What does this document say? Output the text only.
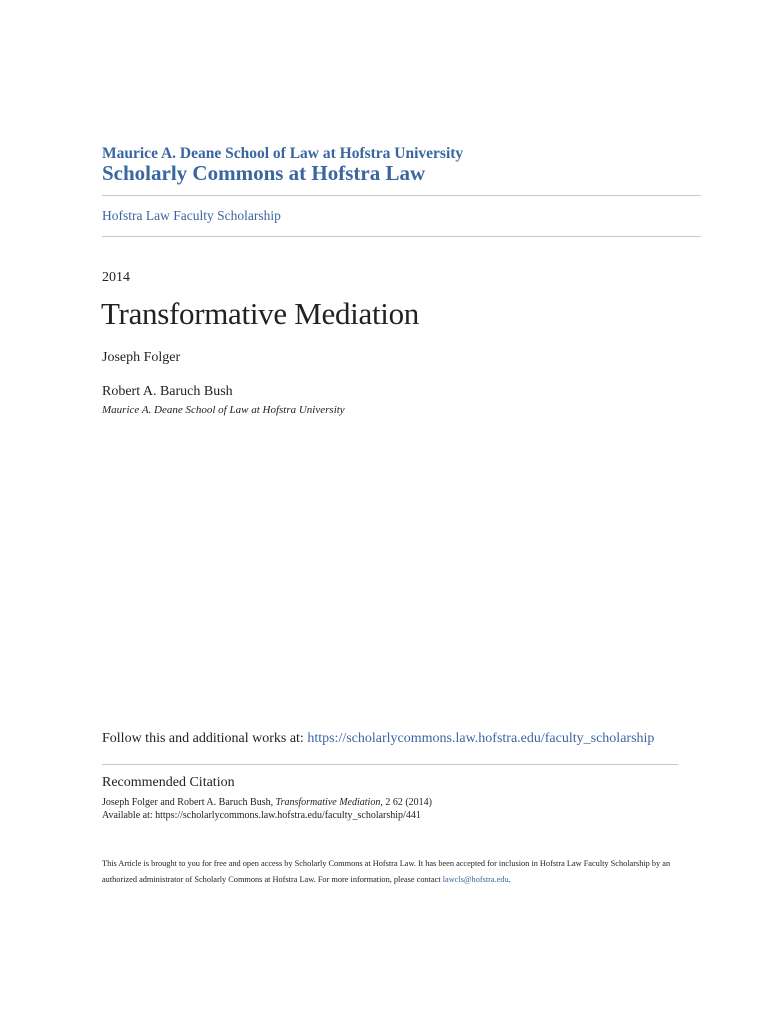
Maurice A. Deane School of Law at Hofstra University
Scholarly Commons at Hofstra Law
Hofstra Law Faculty Scholarship
2014
Transformative Mediation
Joseph Folger
Robert A. Baruch Bush
Maurice A. Deane School of Law at Hofstra University
Follow this and additional works at: https://scholarlycommons.law.hofstra.edu/faculty_scholarship
Recommended Citation
Joseph Folger and Robert A. Baruch Bush, Transformative Mediation, 2 62 (2014)
Available at: https://scholarlycommons.law.hofstra.edu/faculty_scholarship/441
This Article is brought to you for free and open access by Scholarly Commons at Hofstra Law. It has been accepted for inclusion in Hofstra Law Faculty Scholarship by an authorized administrator of Scholarly Commons at Hofstra Law. For more information, please contact lawcls@hofstra.edu.
